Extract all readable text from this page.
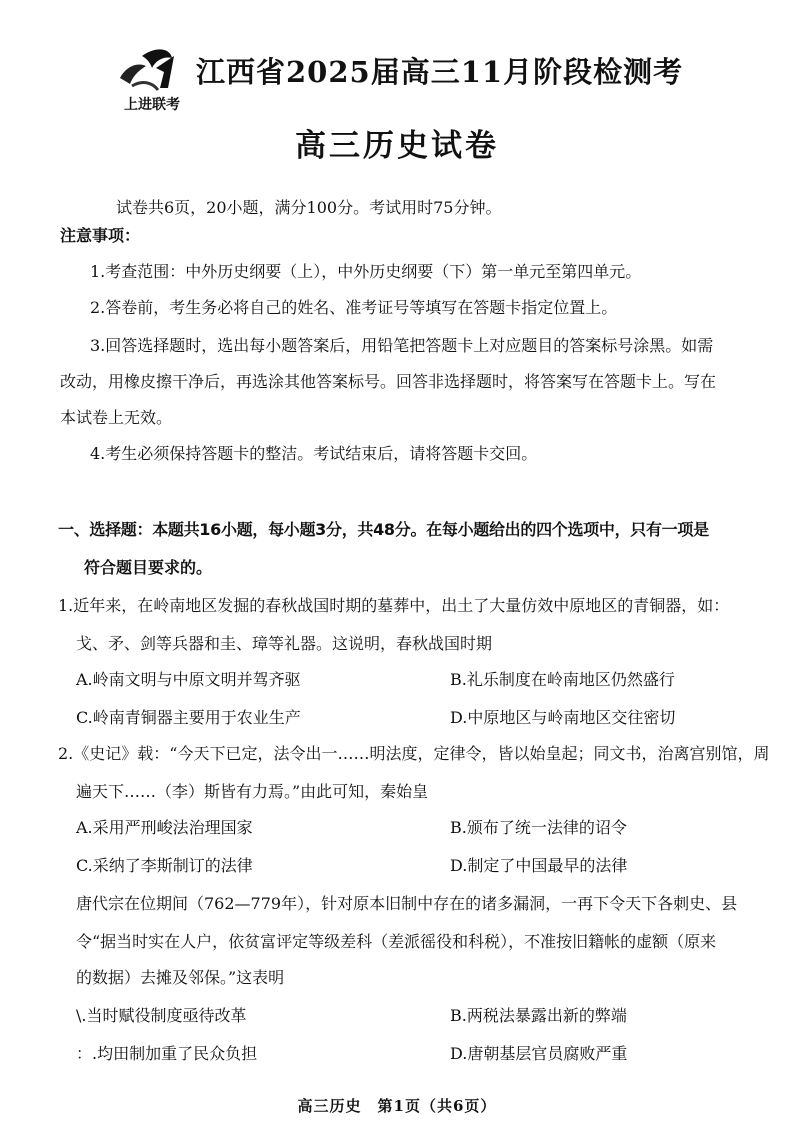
上进联考
江西省2025届高三11月阶段检测考
高三历史试卷
试卷共6页，20小题，满分100分。考试用时75分钟。
注意事项：
1.考查范围：中外历史纲要（上），中外历史纲要（下）第一单元至第四单元。
2.答卷前，考生务必将自己的姓名、准考证号等填写在答题卡指定位置上。
3.回答选择题时，选出每小题答案后，用铅笔把答题卡上对应题目的答案标号涂黑。如需
改动，用橡皮擦干净后，再选涂其他答案标号。回答非选择题时，将答案写在答题卡上。写在
本试卷上无效。
4.考生必须保持答题卡的整洁。考试结束后，请将答题卡交回。
一、选择题：本题共16小题，每小题3分，共48分。在每小题给出的四个选项中，只有一项是
符合题目要求的。
1.近年来，在岭南地区发掘的春秋战国时期的墓葬中，出土了大量仿效中原地区的青铜器，如：
戈、矛、剑等兵器和圭、璋等礼器。这说明，春秋战国时期
A.岭南文明与中原文明并驾齐驱	B.礼乐制度在岭南地区仍然盛行
C.岭南青铜器主要用于农业生产	D.中原地区与岭南地区交往密切
2.《史记》载：“今天下已定，法令出一……明法度，定律令，皆以始皇起；同文书，治离宫别馆，周
遍天下……（李）斯皆有力焉。”由此可知，秦始皇
A.采用严刑峻法治理国家	B.颁布了统一法律的诏令
C.采纳了李斯制订的法律	D.制定了中国最早的法律
唐代宗在位期间（762—779年），针对原本旧制中存在的诸多漏洞，一再下令天下各刺史、县
令“据当时实在人户，依贫富评定等级差科（差派徭役和科税），不准按旧籍帐的虚额（原来
的数据）去摊及邻保。”这表明
\.当时赋役制度亟待改革	B.两税法暴露出新的弊端
：.均田制加重了民众负担	D.唐朝基层官员腐败严重
高三历史　第1页（共6页）
